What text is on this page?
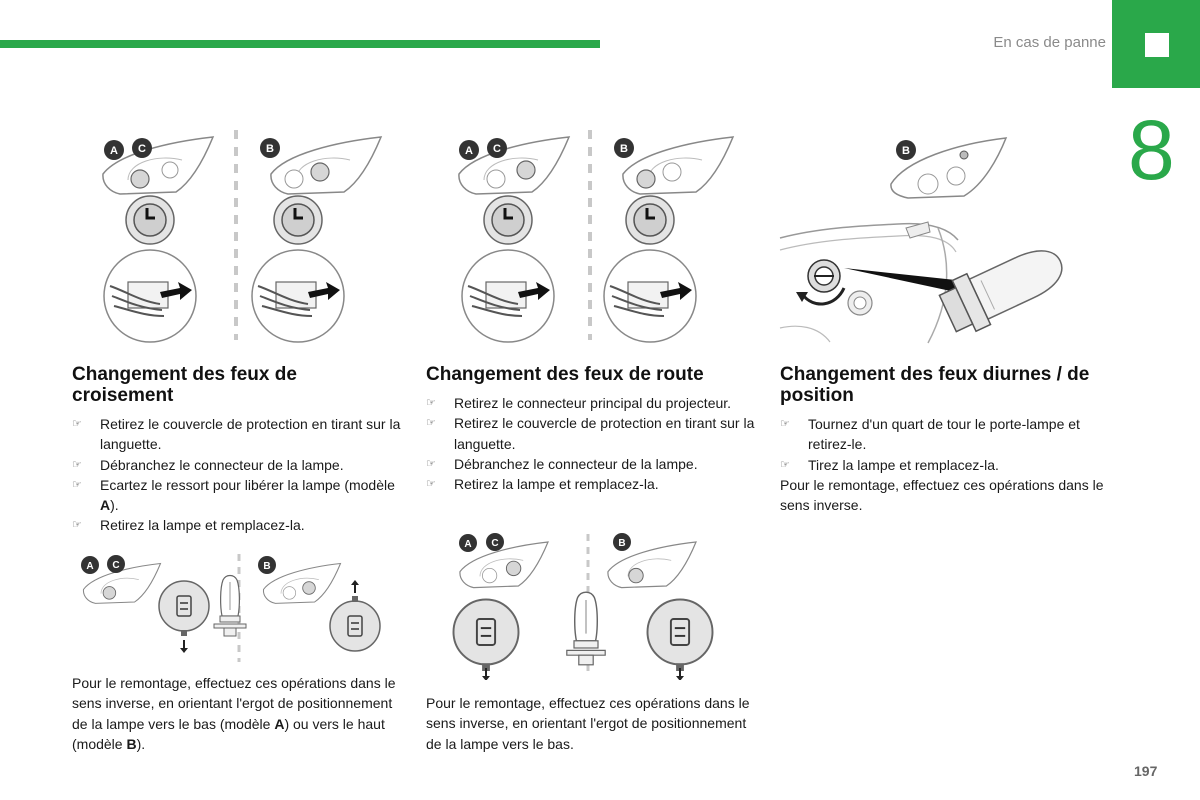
En cas de panne
8
A C	B	A C	B	B
Changement des feux de croisement
☞ Retirez le couvercle de protection en tirant sur la languette.
☞ Débranchez le connecteur de la lampe.
☞ Ecartez le ressort pour libérer la lampe (modèle A).
☞ Retirez la lampe et remplacez-la.
Changement des feux de route
☞ Retirez le connecteur principal du projecteur.
☞ Retirez le couvercle de protection en tirant sur la languette.
☞ Débranchez le connecteur de la lampe.
☞ Retirez la lampe et remplacez-la.
Changement des feux diurnes / de position
☞ Tournez d'un quart de tour le porte-lampe et retirez-le.
☞ Tirez la lampe et remplacez-la.

Pour le remontage, effectuez ces opérations dans le sens inverse.

A C	B
A C	B
Pour le remontage, effectuez ces opérations dans le sens inverse, en orientant l'ergot de positionnement de la lampe vers le bas (modèle A) ou vers le haut (modèle B).
Pour le remontage, effectuez ces opérations dans le sens inverse, en orientant l'ergot de positionnement de la lampe vers le bas.
197
